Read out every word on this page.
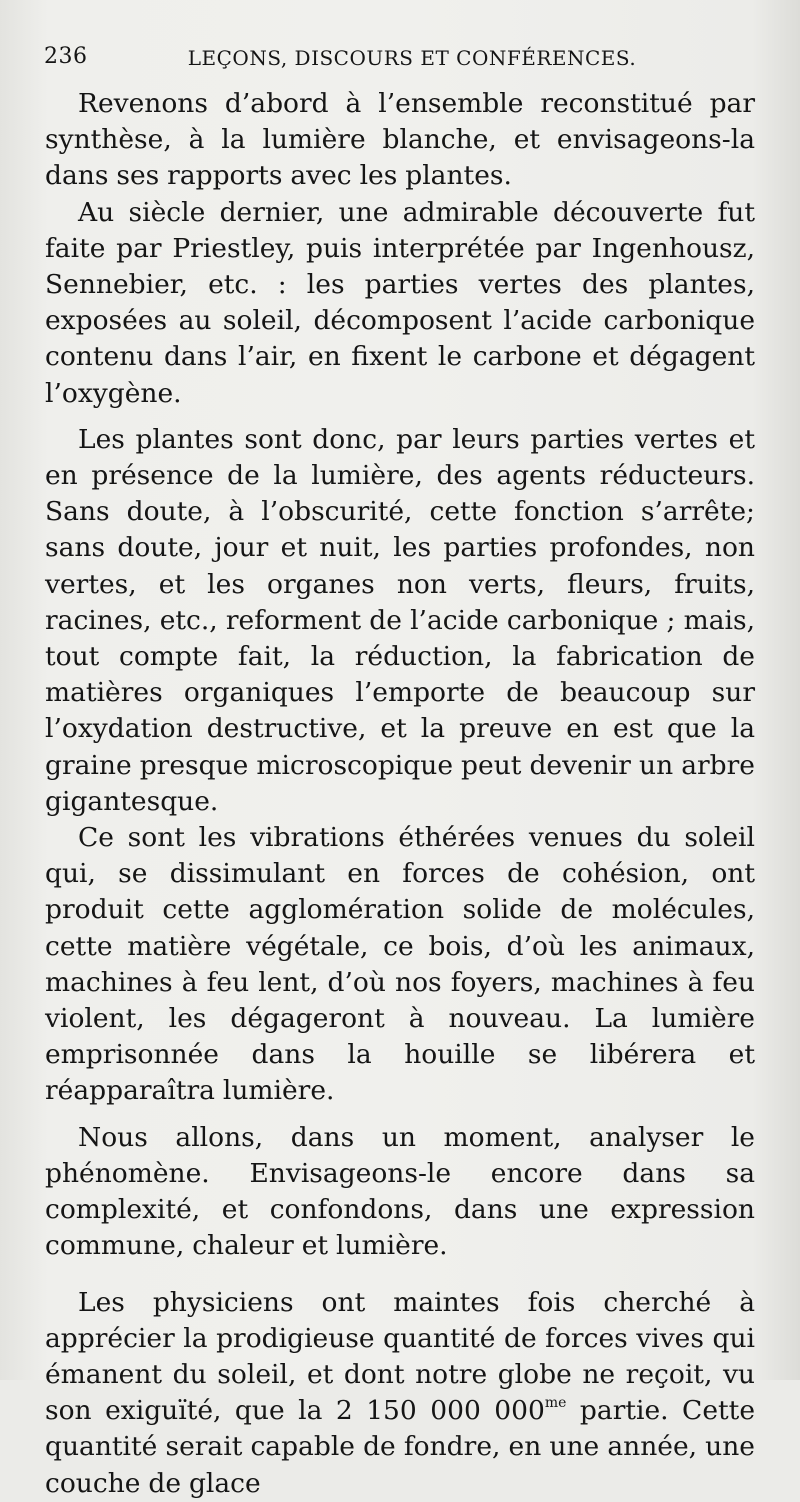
236	LEÇONS, DISCOURS ET CONFÉRENCES.

Revenons d’abord à l’ensemble reconstitué par synthèse, à la lumière blanche, et envisageons-la dans ses rapports avec les plantes.

Au siècle dernier, une admirable découverte fut faite par Priestley, puis interprétée par Ingenhousz, Sennebier, etc. : les parties vertes des plantes, exposées au soleil, décomposent l’acide carbonique contenu dans l’air, en fixent le carbone et dégagent l’oxygène.

Les plantes sont donc, par leurs parties vertes et en présence de la lumière, des agents réducteurs. Sans doute, à l’obscurité, cette fonction s’arrête; sans doute, jour et nuit, les parties profondes, non vertes, et les organes non verts, fleurs, fruits, racines, etc., reforment de l’acide carbonique ; mais, tout compte fait, la réduction, la fabrication de matières organiques l’emporte de beaucoup sur l’oxydation destructive, et la preuve en est que la graine presque microscopique peut devenir un arbre gigantesque.

Ce sont les vibrations éthérées venues du soleil qui, se dissimulant en forces de cohésion, ont produit cette agglomération solide de molécules, cette matière végétale, ce bois, d’où les animaux, machines à feu lent, d’où nos foyers, machines à feu violent, les dégageront à nouveau. La lumière emprisonnée dans la houille se libérera et réapparaîtra lumière.

Nous allons, dans un moment, analyser le phénomène. Envisageons-le encore dans sa complexité, et confondons, dans une expression commune, chaleur et lumière.

Les physiciens ont maintes fois cherché à apprécier la prodigieuse quantité de forces vives qui émanent du soleil, et dont notre globe ne reçoit, vu son exiguïté, que la 2 150 000 $000^{me}$ partie. Cette quantité serait capable de fondre, en une année, une couche de glace
